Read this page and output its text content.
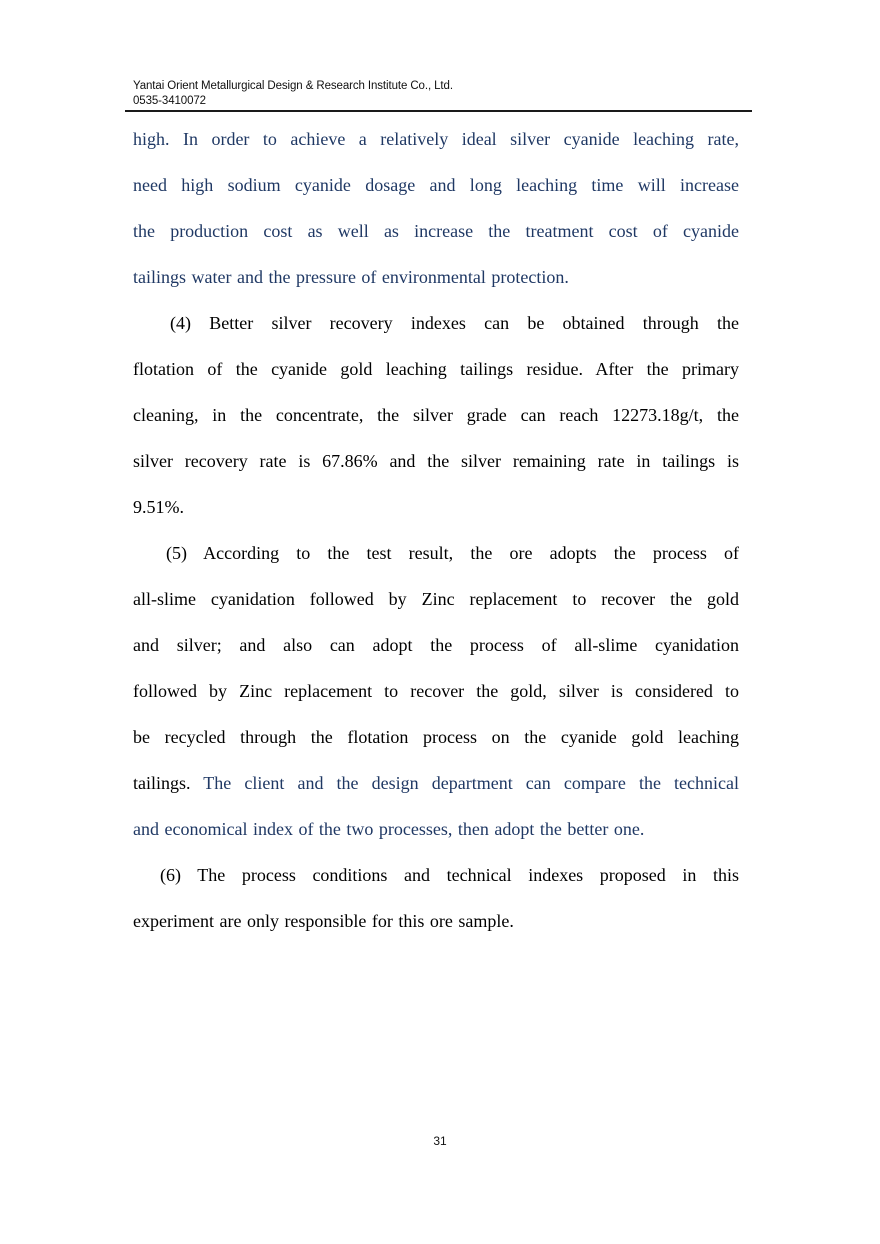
Yantai Orient Metallurgical Design & Research Institute Co., Ltd.
0535-3410072
high. In order to achieve a relatively ideal silver cyanide leaching rate,
need high sodium cyanide dosage and long leaching time will increase
the production cost as well as increase the treatment cost of cyanide
tailings water and the pressure of environmental protection.
(4) Better silver recovery indexes can be obtained through the
flotation of the cyanide gold leaching tailings residue. After the primary
cleaning, in the concentrate, the silver grade can reach 12273.18g/t, the
silver recovery rate is 67.86% and the silver remaining rate in tailings is
9.51%.
(5) According to the test result, the ore adopts the process of
all-slime cyanidation followed by Zinc replacement to recover the gold
and silver; and also can adopt the process of all-slime cyanidation
followed by Zinc replacement to recover the gold, silver is considered to
be recycled through the flotation process on the cyanide gold leaching
tailings. The client and the design department can compare the technical
and economical index of the two processes, then adopt the better one.
(6) The process conditions and technical indexes proposed in this
experiment are only responsible for this ore sample.
31
